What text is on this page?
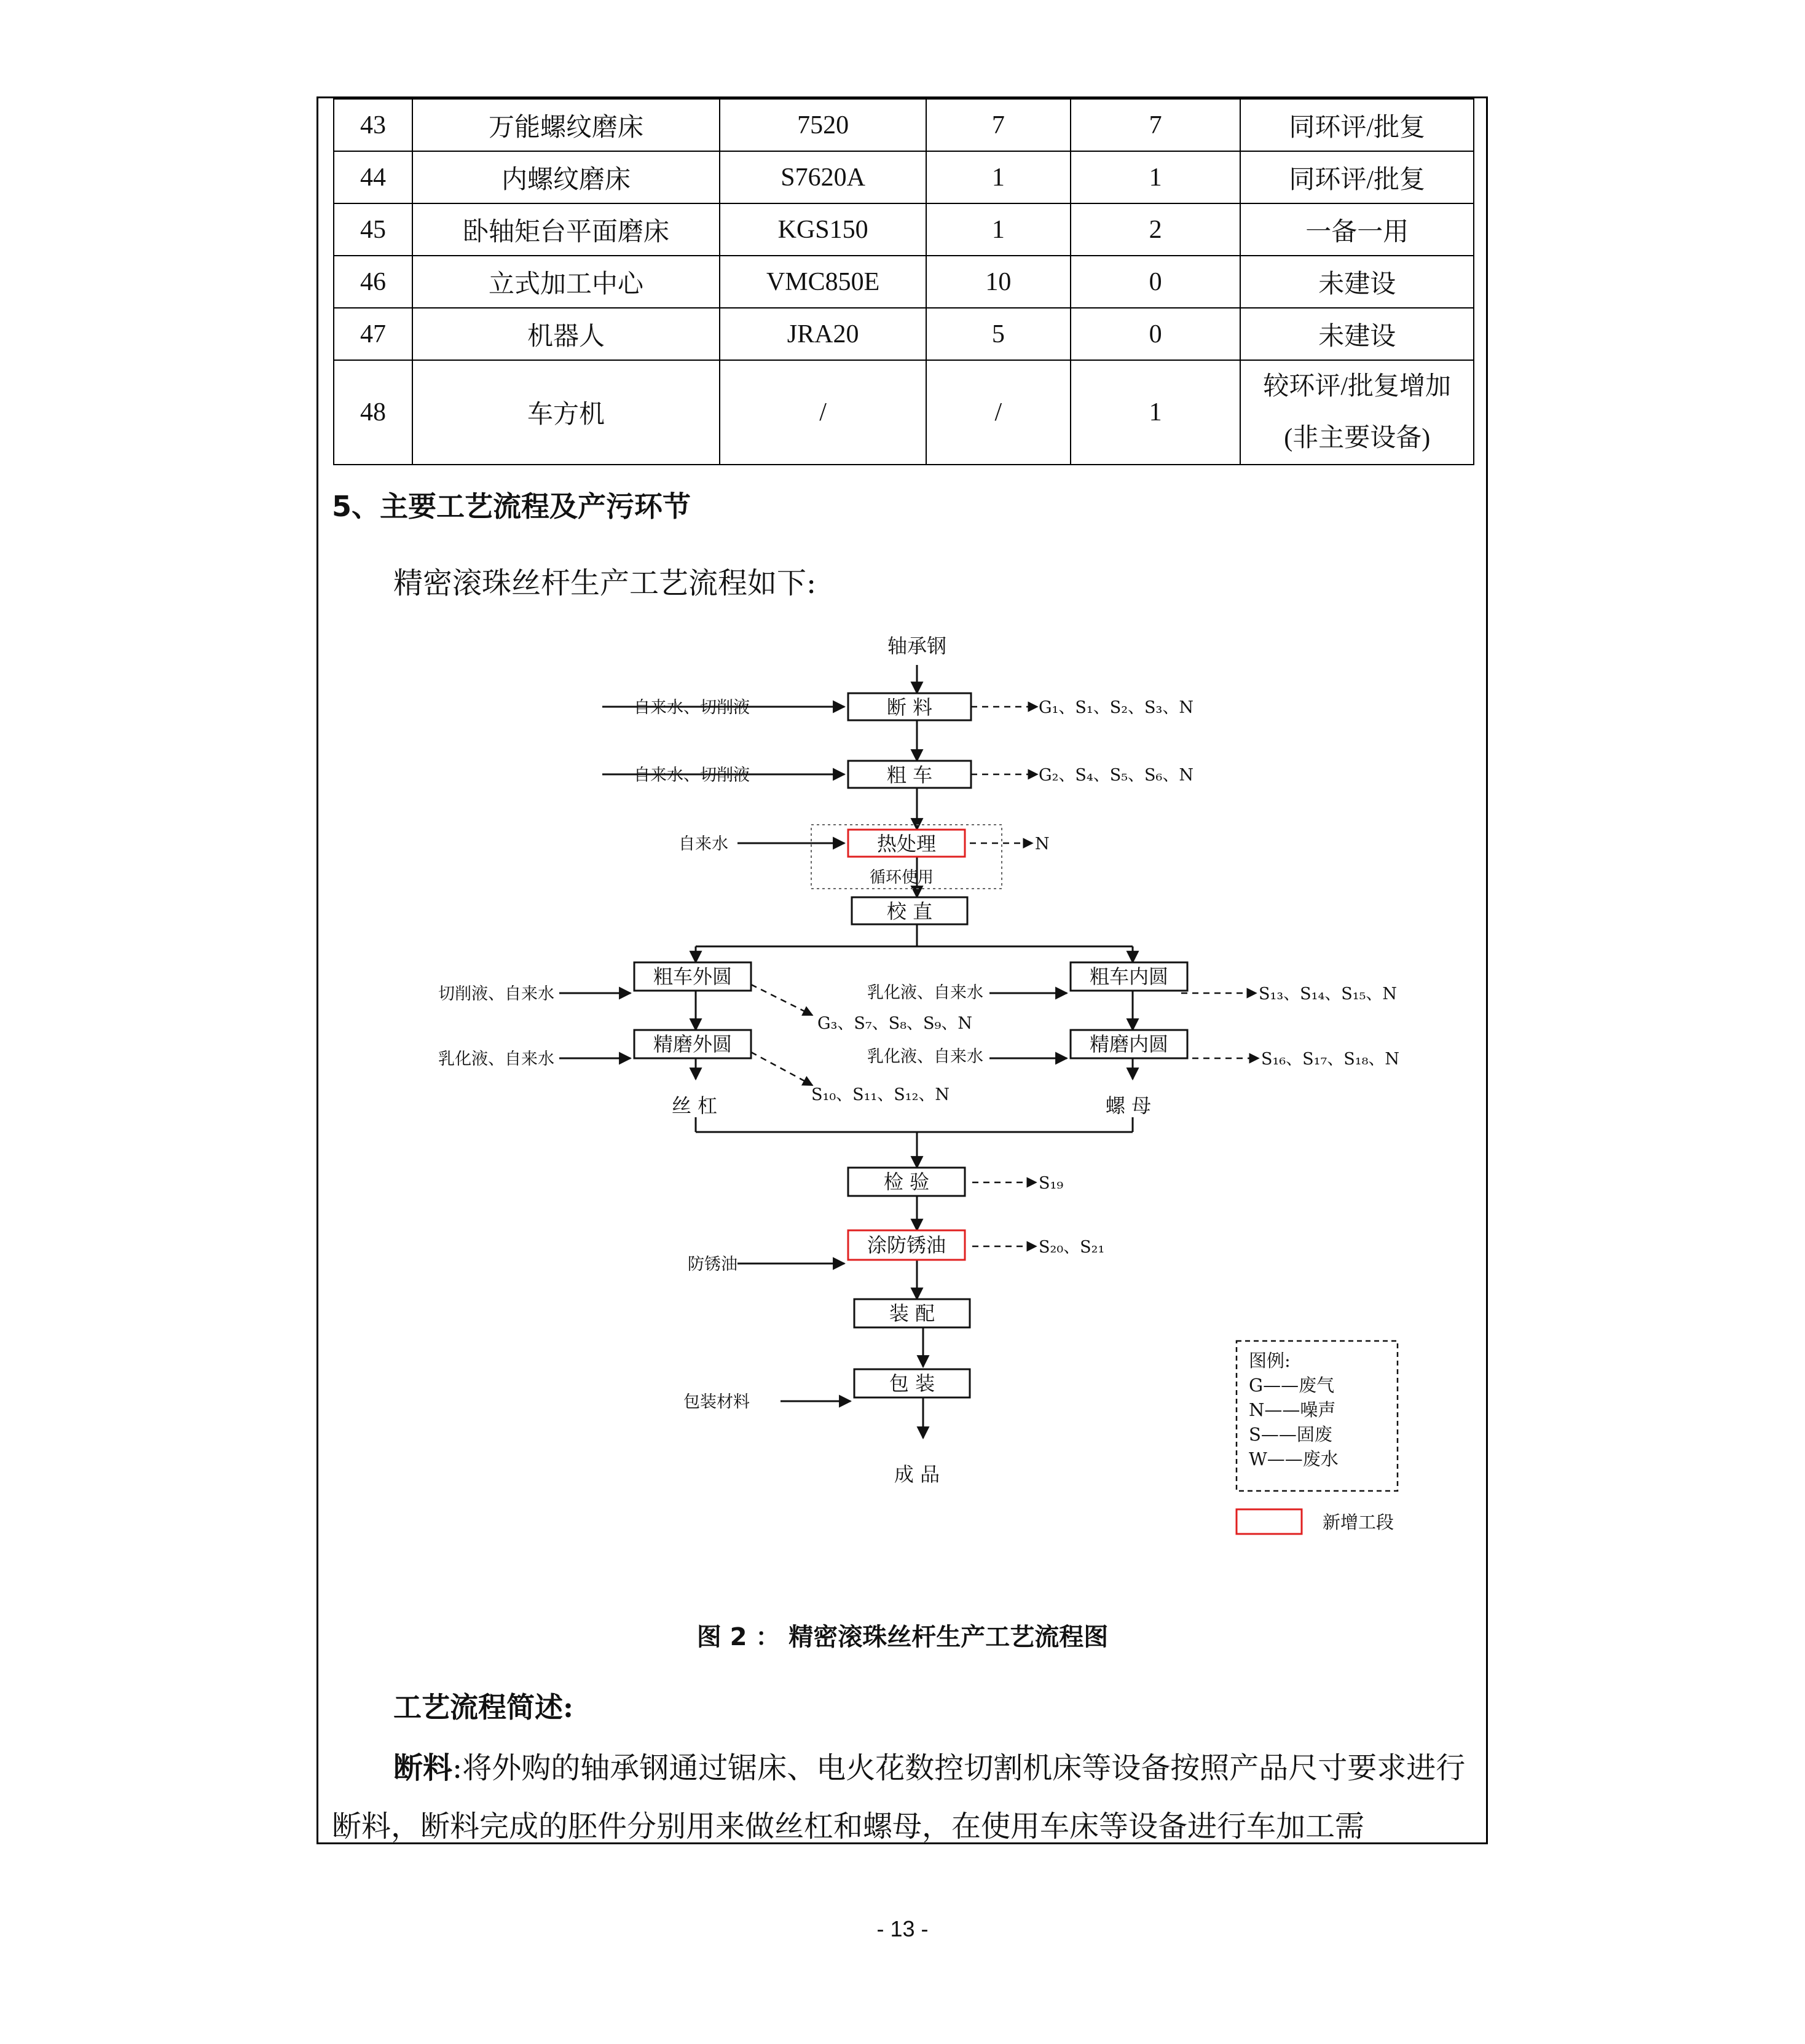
43	万能螺纹磨床	7520	7	7	同环评/批复
44	内螺纹磨床	S7620A	1	1	同环评/批复
45	卧轴矩台平面磨床	KGS150	1	2	一备一用
46	立式加工中心	VMC850E	10	0	未建设
47	机器人	JRA20	5	0	未建设
48	车方机	/	/	1	较环评/批复增加
(非主要设备)
5、主要工艺流程及产污环节
精密滚珠丝杆生产工艺流程如下:
轴承钢
断 料
粗 车
热处理
校 直
粗车外圆
精磨外圆
粗车内圆
精磨内圆
丝 杠	螺 母
检 验
涂防锈油
装 配
包 装
成 品
自来水、切削液
自来水、切削液
自来水
切削液、自来水
乳化液、自来水
乳化液、自来水
乳化液、自来水
防锈油
包装材料
G₁、S₁、S₂、S₃、N
G₂、S₄、S₅、S₆、N
N
G₃、S₇、S₈、S₉、N
S₁₀、S₁₁、S₁₂、N
S₁₃、S₁₄、S₁₅、N
S₁₆、S₁₇、S₁₈、N
S₁₉
S₂₀、S₂₁
循环使用
图例:
G——废气
N——噪声
S——固废
W——废水
新增工段
图 2 ： 精密滚珠丝杆生产工艺流程图
工艺流程简述:
断料:将外购的轴承钢通过锯床、电火花数控切割机床等设备按照产品尺寸要求进行断料，断料完成的胚件分别用来做丝杠和螺母，在使用车床等设备进行车加工需
- 13 -
